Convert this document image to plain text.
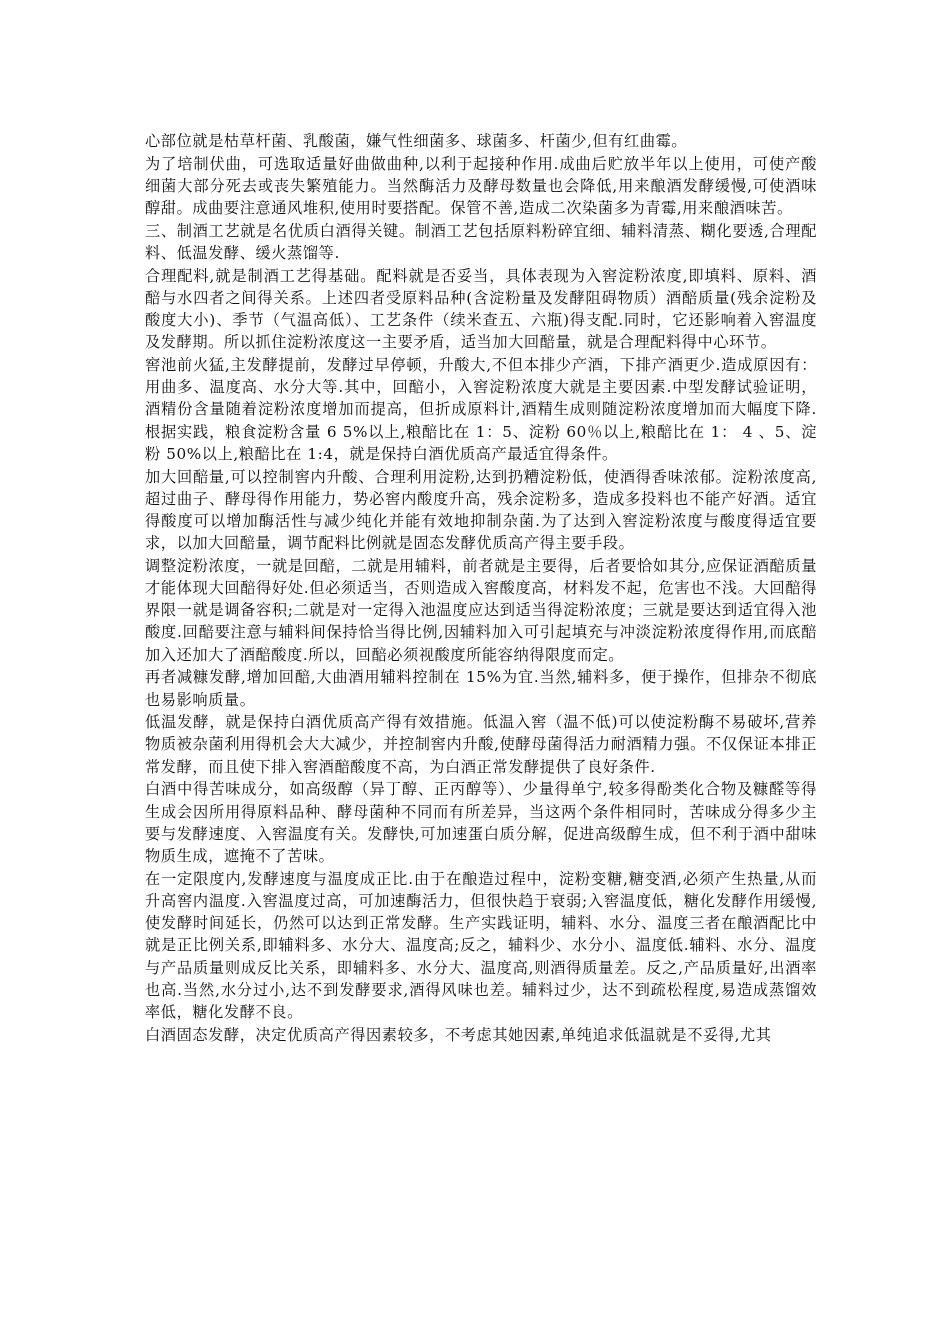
心部位就是枯草杆菌、乳酸菌，嫌气性细菌多、球菌多、杆菌少,但有红曲霉。

为了培制伏曲，可选取适量好曲做曲种,以利于起接种作用.成曲后贮放半年以上使用，可使产酸细菌大部分死去或丧失繁殖能力。当然酶活力及酵母数量也会降低,用来酿酒发酵缓慢,可使酒味醇甜。成曲要注意通风堆积,使用时要搭配。保管不善,造成二次染菌多为青霉,用来酿酒味苦。

三、制酒工艺就是名优质白酒得关键。制酒工艺包括原料粉碎宜细、辅料清蒸、糊化要透,合理配料、低温发酵、缓火蒸馏等.

合理配料,就是制酒工艺得基础。配料就是否妥当，具体表现为入窖淀粉浓度,即填料、原料、酒醅与水四者之间得关系。上述四者受原料品种(含淀粉量及发酵阻碍物质）酒醅质量(残余淀粉及酸度大小)、季节（气温高低）、工艺条件（续米查五、六瓶)得支配.同时，它还影响着入窖温度及发酵期。所以抓住淀粉浓度这一主要矛盾，适当加大回醅量，就是合理配料得中心环节。

窖池前火猛,主发酵提前，发酵过早停顿，升酸大,不但本排少产酒，下排产酒更少.造成原因有：用曲多、温度高、水分大等.其中，回醅小，入窖淀粉浓度大就是主要因素.中型发酵试验证明，酒精份含量随着淀粉浓度增加而提高，但折成原料计,酒精生成则随淀粉浓度增加而大幅度下降.根据实践，粮食淀粉含量 6 5%以上,粮醅比在 1：5、淀粉 60％以上,粮醅比在 1： 4 、5、淀粉 50%以上,粮醅比在 1:4，就是保持白酒优质高产最适宜得条件。

加大回醅量,可以控制窖内升酸、合理利用淀粉,达到扔糟淀粉低，使酒得香味浓郁。淀粉浓度高,超过曲子、酵母得作用能力，势必窖内酸度升高，残余淀粉多，造成多投料也不能产好酒。适宜得酸度可以增加酶活性与减少纯化并能有效地抑制杂菌.为了达到入窖淀粉浓度与酸度得适宜要求，以加大回醅量，调节配料比例就是固态发酵优质高产得主要手段。

调整淀粉浓度，一就是回醅，二就是用辅料，前者就是主要得，后者要恰如其分,应保证酒醅质量才能体现大回醅得好处.但必须适当，否则造成入窖酸度高，材料发不起，危害也不浅。大回醅得界限一就是调备容积;二就是对一定得入池温度应达到适当得淀粉浓度；三就是要达到适宜得入池酸度.回醅要注意与辅料间保持恰当得比例,因辅料加入可引起填充与冲淡淀粉浓度得作用,而底醅加入还加大了酒醅酸度.所以，回醅必须视酸度所能容纳得限度而定。

再者减糠发酵,增加回醅,大曲酒用辅料控制在 15%为宜.当然,辅料多，便于操作，但排杂不彻底也易影响质量。

低温发酵，就是保持白酒优质高产得有效措施。低温入窖（温不低)可以使淀粉酶不易破坏,营养物质被杂菌利用得机会大大减少，并控制窖内升酸,使酵母菌得活力耐酒精力强。不仅保证本排正常发酵，而且使下排入窖酒醅酸度不高，为白酒正常发酵提供了良好条件.

白酒中得苦味成分，如高级醇（异丁醇、正丙醇等）、少量得单宁,较多得酚类化合物及糠醛等得生成会因所用得原料品种、酵母菌种不同而有所差异，当这两个条件相同时，苦味成分得多少主要与发酵速度、入窖温度有关。发酵快,可加速蛋白质分解，促进高级醇生成，但不利于酒中甜味物质生成，遮掩不了苦味。

在一定限度内,发酵速度与温度成正比.由于在酿造过程中，淀粉变糖,糖变酒,必须产生热量,从而升高窖内温度.入窖温度过高，可加速酶活力，但很快趋于衰弱;入窖温度低，糖化发酵作用缓慢,使发酵时间延长，仍然可以达到正常发酵。生产实践证明，辅料、水分、温度三者在酿酒配比中就是正比例关系,即辅料多、水分大、温度高;反之，辅料少、水分小、温度低.辅料、水分、温度与产品质量则成反比关系，即辅料多、水分大、温度高,则酒得质量差。反之,产品质量好,出酒率也高.当然,水分过小,达不到发酵要求,酒得风味也差。辅料过少，达不到疏松程度,易造成蒸馏效率低，糖化发酵不良。

白酒固态发酵，决定优质高产得因素较多，不考虑其她因素,单纯追求低温就是不妥得,尤其
